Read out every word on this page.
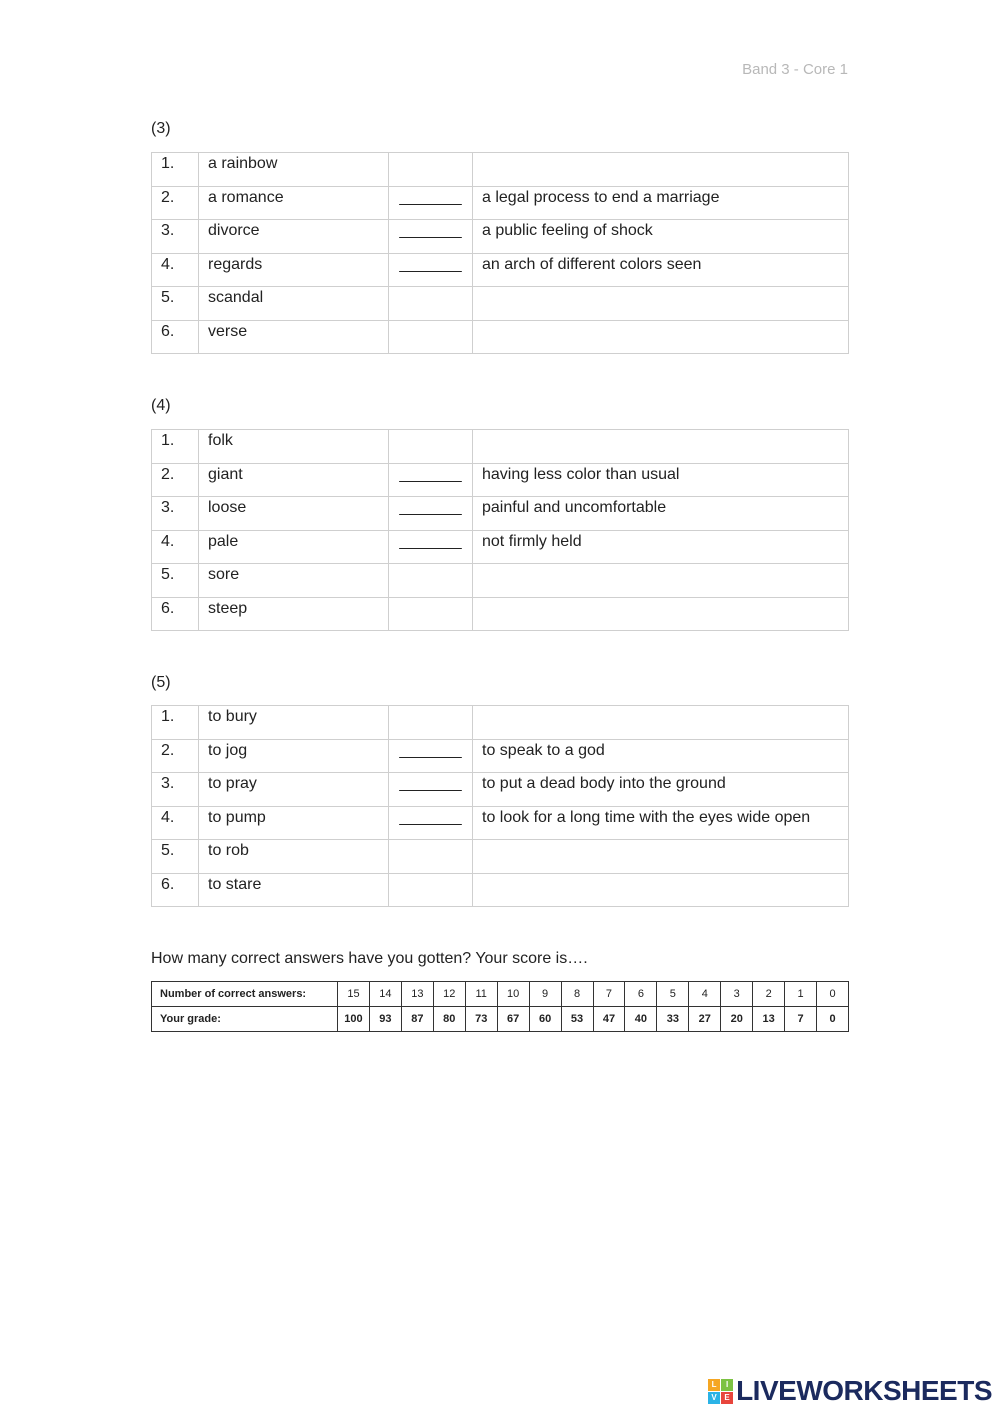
Band 3 - Core 1
(3)
1.	a rainbow		
2.	a romance	_______	a legal process to end a marriage
3.	divorce	_______	a public feeling of shock
4.	regards	_______	an arch of different colors seen
5.	scandal		
6.	verse		
(4)
1.	folk		
2.	giant	_______	having less color than usual
3.	loose	_______	painful and uncomfortable
4.	pale	_______	not firmly held
5.	sore		
6.	steep		
(5)
1.	to bury		
2.	to jog	_______	to speak to a god
3.	to pray	_______	to put a dead body into the ground
4.	to pump	_______	to look for a long time with the eyes wide open
5.	to rob		
6.	to stare		
How many correct answers have you gotten? Your score is….
Number of correct answers:	15	14	13	12	11	10	9	8	7	6	5	4	3	2	1	0
Your grade:	100	93	87	80	73	67	60	53	47	40	33	27	20	13	7	0
L	I
V E LIVEWORKSHEETS
